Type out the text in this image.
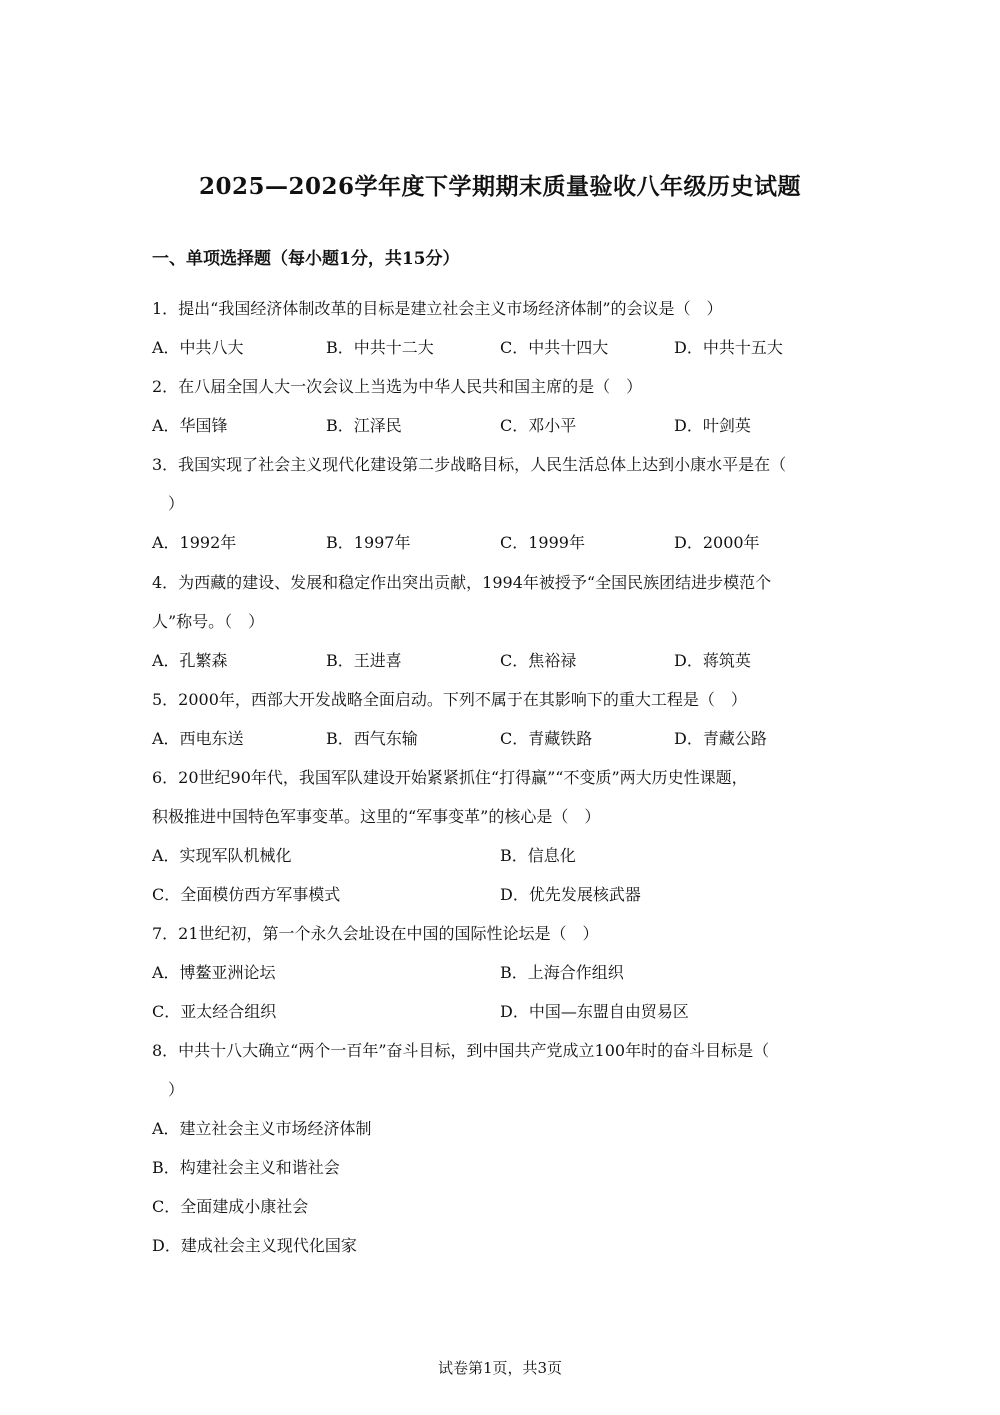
2025—2026学年度下学期期末质量验收八年级历史试题
一、单项选择题（每小题1分，共15分）
1．提出“我国经济体制改革的目标是建立社会主义市场经济体制”的会议是（　）
A．中共八大	B．中共十二大	C．中共十四大	D．中共十五大
2．在八届全国人大一次会议上当选为中华人民共和国主席的是（　）
A．华国锋	B．江泽民	C．邓小平	D．叶剑英
3．我国实现了社会主义现代化建设第二步战略目标，人民生活总体上达到小康水平是在（
　）
A．1992年	B．1997年	C．1999年	D．2000年
4．为西藏的建设、发展和稳定作出突出贡献，1994年被授予“全国民族团结进步模范个
人”称号。（　）
A．孔繁森	B．王进喜	C．焦裕禄	D．蒋筑英
5．2000年，西部大开发战略全面启动。下列不属于在其影响下的重大工程是（　）
A．西电东送	B．西气东输	C．青藏铁路	D．青藏公路
6．20世纪90年代，我国军队建设开始紧紧抓住“打得赢”“不变质”两大历史性课题，
积极推进中国特色军事变革。这里的“军事变革”的核心是（　）
A．实现军队机械化	B．信息化
C．全面模仿西方军事模式	D．优先发展核武器
7．21世纪初，第一个永久会址设在中国的国际性论坛是（　）
A．博鳌亚洲论坛	B．上海合作组织
C．亚太经合组织	D．中国—东盟自由贸易区
8．中共十八大确立“两个一百年”奋斗目标，到中国共产党成立100年时的奋斗目标是（
　）
A．建立社会主义市场经济体制
B．构建社会主义和谐社会
C．全面建成小康社会
D．建成社会主义现代化国家
试卷第1页，共3页
